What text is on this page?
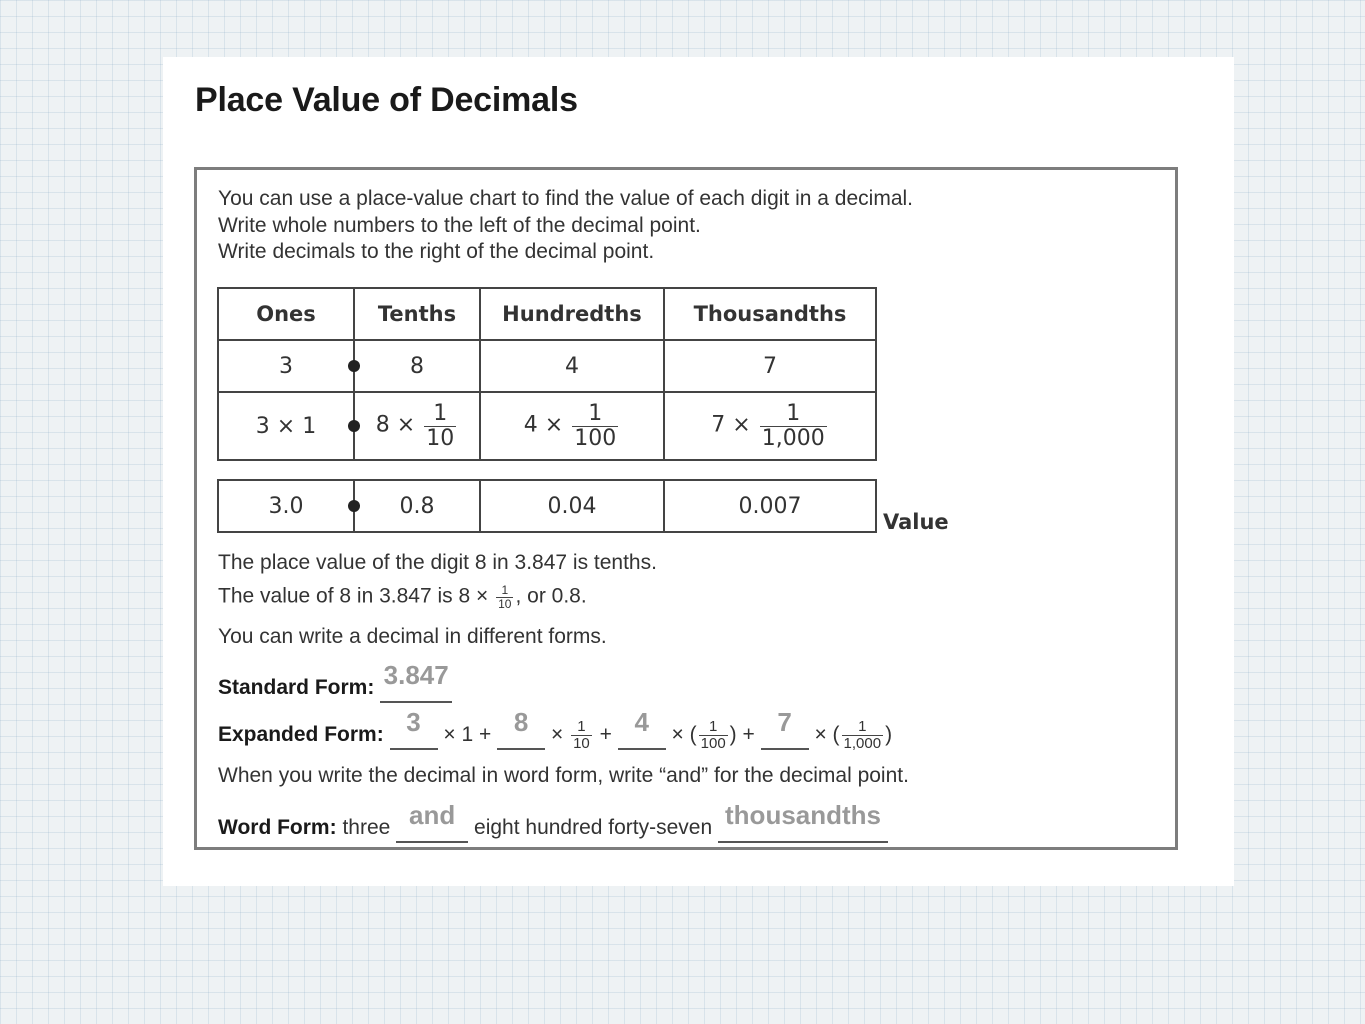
Place Value of Decimals
You can use a place-value chart to find the value of each digit in a decimal.
Write whole numbers to the left of the decimal point.
Write decimals to the right of the decimal point.
Ones	Tenths	Hundredths	Thousandths
3	8	4	7
3 × 1	$8 \times \frac{1}{10}$	$4 \times \frac{1}{100}$	$7 \times \frac{1}{1,000}$
3.0	0.8	0.04	0.007
Value
The place value of the digit 8 in 3.847 is tenths.
The value of 8 in 3.847 is $8 \times \frac{1}{10}$ , or 0.8.
You can write a decimal in different forms.
Standard Form: 3.847
Expanded Form: $3 \times 1 + 8 \times \frac{1}{10} + 4$ × ( $\frac{1}{100}$ ) + 7 × ( $\frac{1}{1,000}$ )
When you write the decimal in word form, write “and” for the decimal point.
Word Form: three and eight hundred forty-seven thousandths
